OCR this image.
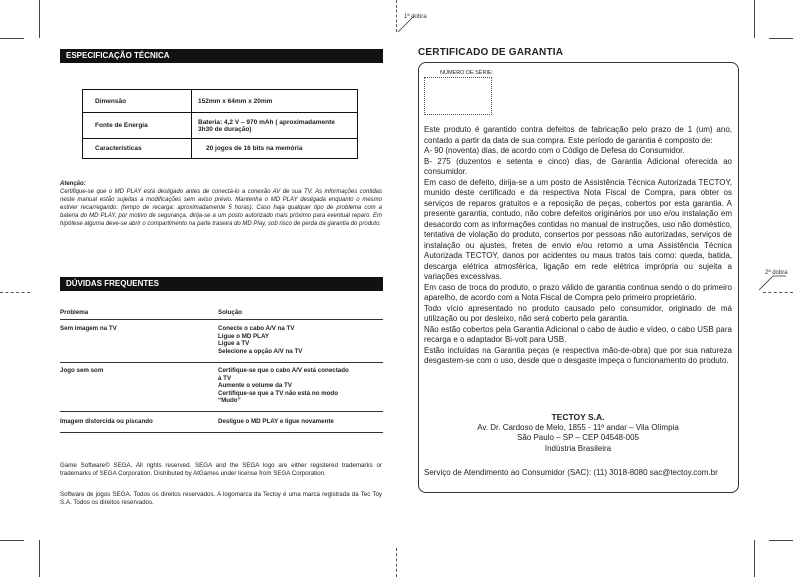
1ª dobra
2ª dobra
ESPECIFICAÇÃO TÉCNICA
Dimensão	152mm x 64mm x 20mm
Fonte de Energia	Bateria: 4,2 V – 970 mAh ( aproximadamente 3h30 de duração)
Características	20 jogos de 16 bits na memória
Atenção:
Certifique-se que o MD PLAY está desligado antes de conectá-lo a conexão AV de sua TV. As informações contidas neste manual estão sujeitas a modificações sem aviso prévio. Mantenha o MD PLAY desligada enquanto o mesmo estiver recarregando. (tempo de recarga: aproximadamente 5 horas). Caso haja qualquer tipo de problema com a bateria do MD PLAY, por motivo de segurança, dirija-se a um posto autorizado mais próximo para eventual reparo. Em hipótese alguma deve-se abrir o compartimento na parte traseira do MD Play, sob risco de perda da garantia do produto.
DÚVIDAS FREQUENTES
Problema	Solução
Sem imagem na TV	Conecte o cabo A/V na TV
Ligue o MD PLAY
Ligue a TV
Selecione a opção A/V na TV
Jogo sem som	Certifique-se que o cabo A/V está conectado à TV
Aumente o volume da TV
Certifique-se que a TV não está no modo “Mudo”
Imagem distorcida ou piscando	Desligue o MD PLAY e ligue novamente
Game Software© SEGA. All rights reserved. SEGA and the SEGA logo are either registered trademarks or trademarks of SEGA Corporation. Distributed by AtGames under license from SEGA Corporation.
Software de jogos SEGA. Todos os direitos reservados. A logomarca da Tectoy é uma marca registrada da Tec Toy S.A. Todos os direitos reservados.
CERTIFICADO DE GARANTIA
NÚMERO DE SÉRIE:

Este produto é garantido contra defeitos de fabricação pelo prazo de 1 (um) ano, contado a partir da data de sua compra. Este período de garantia é composto de:

A- 90 (noventa) dias, de acordo com o Código de Defesa do Consumidor.

B- 275 (duzentos e setenta e cinco) dias, de Garantia Adicional oferecida ao consumidor.

Em caso de defeito, dirija-se a um posto de Assistência Técnica Autorizada TECTOY, munido deste certificado e da respectiva Nota Fiscal de Compra, para obter os serviços de reparos gratuitos e a reposição de peças, cobertos por esta garantia. A presente garantia, contudo, não cobre defeitos originários por uso e/ou instalação em desacordo com as informações contidas no manual de instruções, uso não doméstico, tentativa de violação do produto, consertos por pessoas não autorizadas, serviços de instalação ou ajustes, fretes de envio e/ou retorno a uma Assistência Técnica Autorizada TECTOY, danos por acidentes ou maus tratos tais como: queda, batida, descarga elétrica atmosférica, ligação em rede elétrica imprópria ou sujeita a variações excessivas.

Em caso de troca do produto, o prazo válido de garantia continua sendo o do primeiro aparelho, de acordo com a Nota Fiscal de Compra pelo primeiro proprietário.

Todo vício apresentado no produto causado pelo consumidor, originado de má utilização ou por desleixo, não será coberto pela garantia.

Não estão cobertos pela Garantia Adicional o cabo de áudio e vídeo, o cabo USB para recarga e o adaptador Bi-volt para USB.

Estão incluídas na Garantia peças (e respectiva mão-de-obra) que por sua natureza desgastem-se com o uso, desde que o desgaste impeça o funcionamento do produto.

TECTOY S.A.
Av. Dr. Cardoso de Melo, 1855 - 11º andar – Vila Olímpia
São Paulo – SP – CEP 04548-005
Indústria Brasileira
Serviço de Atendimento ao Consumidor (SAC): (11) 3018-8080 sac@tectoy.com.br
